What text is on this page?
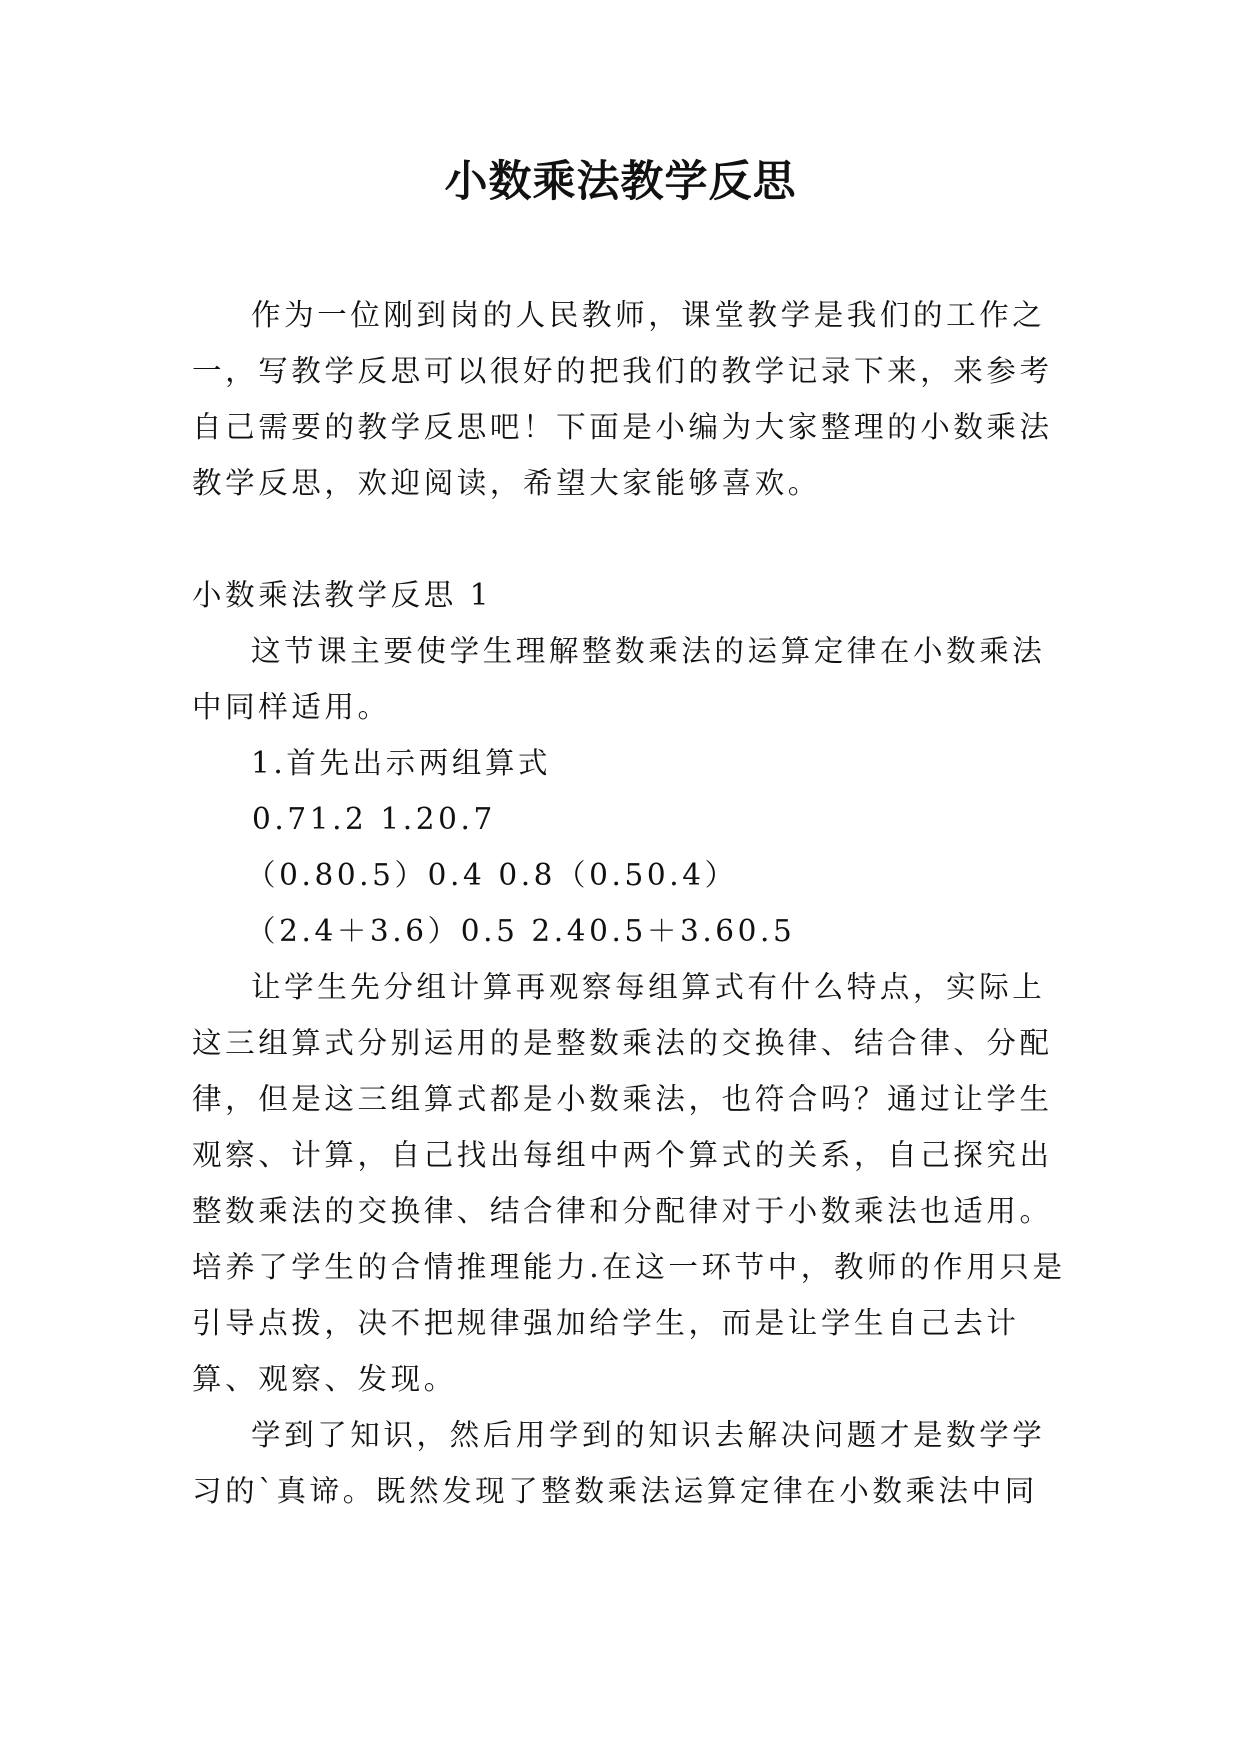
小数乘法教学反思

作为一位刚到岗的人民教师，课堂教学是我们的工作之一，写教学反思可以很好的把我们的教学记录下来，来参考自己需要的教学反思吧！下面是小编为大家整理的小数乘法教学反思，欢迎阅读，希望大家能够喜欢。

小数乘法教学反思 1

这节课主要使学生理解整数乘法的运算定律在小数乘法中同样适用。

1.首先出示两组算式

0.71.2 1.20.7

（0.80.5）0.4 0.8（0.50.4）

（2.4＋3.6）0.5 2.40.5＋3.60.5

让学生先分组计算再观察每组算式有什么特点，实际上这三组算式分别运用的是整数乘法的交换律、结合律、分配律，但是这三组算式都是小数乘法，也符合吗？通过让学生观察、计算，自己找出每组中两个算式的关系，自己探究出整数乘法的交换律、结合律和分配律对于小数乘法也适用。培养了学生的合情推理能力.在这一环节中，教师的作用只是引导点拨，决不把规律强加给学生，而是让学生自己去计算、观察、发现。

学到了知识，然后用学到的知识去解决问题才是数学学习的`真谛。既然发现了整数乘法运算定律在小数乘法中同
